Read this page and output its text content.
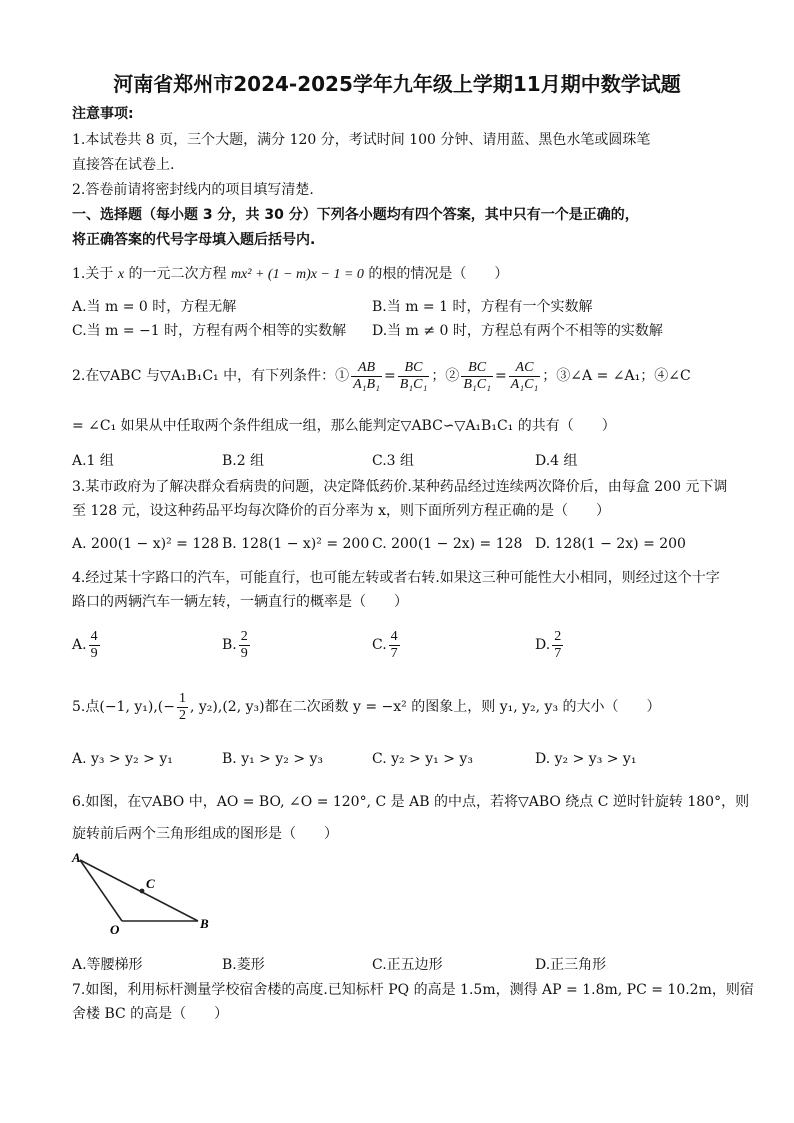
河南省郑州市2024-2025学年九年级上学期11月期中数学试题
注意事项:
1.本试卷共 8 页，三个大题，满分 120 分，考试时间 100 分钟、请用蓝、黑色水笔或圆珠笔
直接答在试卷上.
2.答卷前请将密封线内的项目填写清楚.
一、选择题（每小题 3 分，共 30 分）下列各小题均有四个答案，其中只有一个是正确的，
将正确答案的代号字母填入题后括号内.
1.关于 x 的一元二次方程 mx² + (1 − m)x − 1 = 0 的根的情况是（　　）
A.当 m = 0 时，方程无解	B.当 m = 1 时，方程有一个实数解
C.当 m = −1 时，方程有两个相等的实数解 D.当 m ≠ 0 时，方程总有两个不相等的实数解
2.在▽ABC 与▽A₁B₁C₁ 中，有下列条件：① $\frac{AB}{\text{A₁B₁}} = \frac{BC}{\text{B₁C₁}}$ ；② $\frac{BC}{\text{B₁C₁}} = \frac{AC}{\text{A₁C₁}}$ ；③∠A = ∠A₁；④∠C
= ∠C₁ 如果从中任取两个条件组成一组，那么能判定▽ABC∽▽A₁B₁C₁ 的共有（　　）
A.1 组	B.2 组	C.3 组	D.4 组
3.某市政府为了解决群众看病贵的问题，决定降低药价.某种药品经过连续两次降价后，由每盒 200 元下调
至 128 元，设这种药品平均每次降价的百分率为 x，则下面所列方程正确的是（　　）
A. 200(1 − x)² = 128 B. 128(1 − x)² = 200 C. 200(1 − 2x) = 128 D. 128(1 − 2x) = 200
4.经过某十字路口的汽车，可能直行，也可能左转或者右转.如果这三种可能性大小相同，则经过这个十字
路口的两辆汽车一辆左转，一辆直行的概率是（　　）
A. $\frac{4}{9}$	B. $\frac{2}{9}$	C. $\frac{4}{7}$	D. $\frac{2}{7}$
5.点(−1, $y_1),(- \frac{1}{2}$ , y₂),(2, y₃)都在二次函数 y = −x² 的图象上，则 y₁, y₂, y₃ 的大小（　　）
A. y₃ > y₂ > y₁	B. y₁ > y₂ > y₃	C. y₂ > y₁ > y₃	D. y₂ > y₃ > y₁
6.如图，在▽ABO 中，AO = BO, ∠O = 120°, C 是 AB 的中点，若将▽ABO 绕点 C 逆时针旋转 180°，则
旋转前后两个三角形组成的图形是（　　）
A
C
O	B
A.等腰梯形	B.菱形	C.正五边形	D.正三角形
7.如图，利用标杆测量学校宿舍楼的高度.已知标杆 PQ 的高是 1.5m，测得 AP = 1.8m, PC = 10.2m，则宿
舍楼 BC 的高是（　　）
